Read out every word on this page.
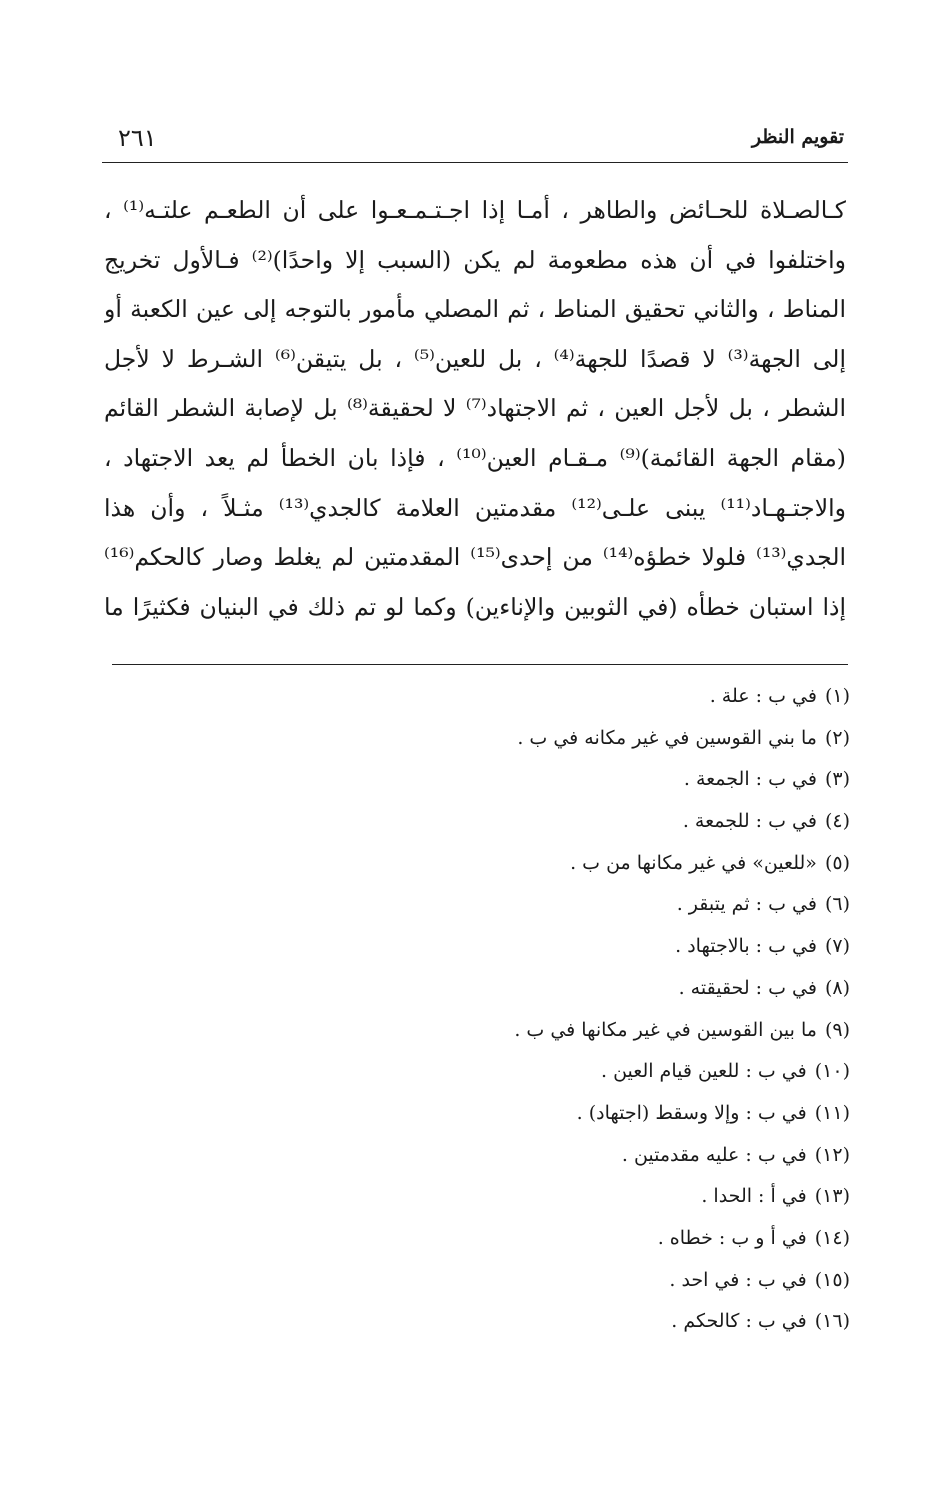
تقويم النظر
٢٦١
كـالصـلاة للحـائض والطاهر ، أمـا إذا اجـتـمـعـوا على أن الطعـم علتـه⁽¹⁾ ،
واختلفوا في أن هذه مطعومة لم يكن (السبب إلا واحدًا)⁽²⁾ فـالأول تخريج
المناط ، والثاني تحقيق المناط ، ثم المصلي مأمور بالتوجه إلى عين الكعبة أو
إلى الجهة⁽³⁾ لا قصدًا للجهة⁽⁴⁾ ، بل للعين⁽⁵⁾ ، بل يتيقن⁽⁶⁾ الشـرط لا لأجل
الشطر ، بل لأجل العين ، ثم الاجتهاد⁽⁷⁾ لا لحقيقة⁽⁸⁾ بل لإصابة الشطر القائم
(مقام الجهة القائمة)⁽⁹⁾ مـقـام العين⁽¹⁰⁾ ، فإذا بان الخطأ لم يعد الاجتهاد ،
والاجتـهـاد⁽¹¹⁾ يبنى علـى⁽¹²⁾ مقدمتين العلامة كالجدي⁽¹³⁾ مثـلاً ، وأن هذا
الجدي⁽¹³⁾ فلولا خطؤه⁽¹⁴⁾ من إحدى⁽¹⁵⁾ المقدمتين لم يغلط وصار كالحكم⁽¹⁶⁾
إذا استبان خطأه (في الثوبين والإناءين) وكما لو تم ذلك في البنيان فكثيرًا ما
(١)في ب : علة .
(٢)ما بني القوسين في غير مكانه في ب .
(٣)في ب : الجمعة .
(٤)في ب : للجمعة .
(٥)«للعين» في غير مكانها من ب .
(٦)في ب : ثم يتبقر .
(٧)في ب : بالاجتهاد .
(٨)في ب : لحقيقته .
(٩)ما بين القوسين في غير مكانها في ب .
(١٠)في ب : للعين قيام العين .
(١١)في ب : وإلا وسقط (اجتهاد) .
(١٢)في ب : عليه مقدمتين .
(١٣)في أ : الحدا .
(١٤)في أ و ب : خطاه .
(١٥)في ب : في احد .
(١٦)في ب : كالحكم .
